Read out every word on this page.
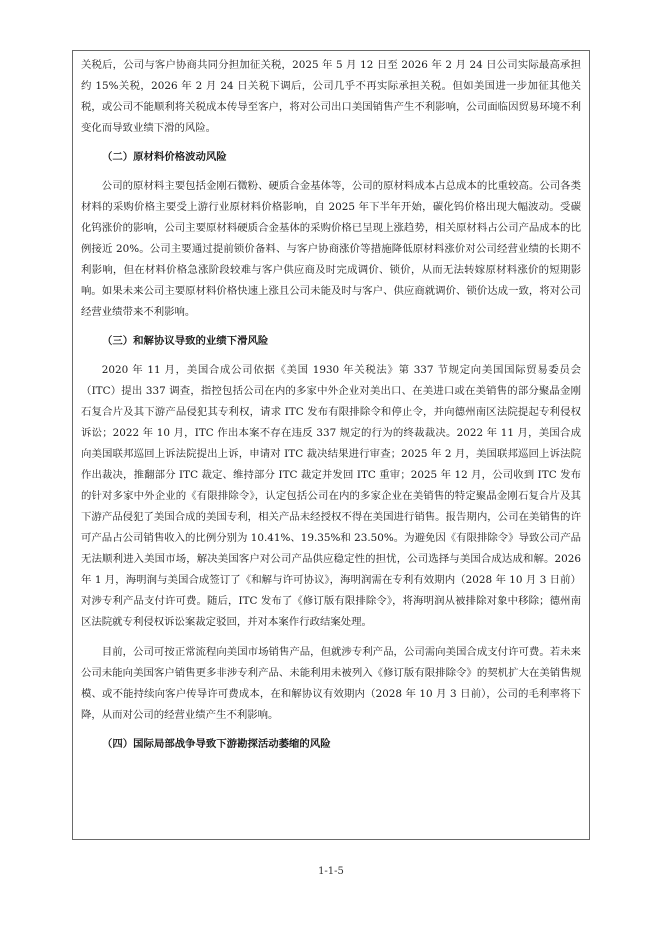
关税后，公司与客户协商共同分担加征关税，2025 年 5 月 12 日至 2026 年 2 月 24 日公司实际最高承担约 15%关税，2026 年 2 月 24 日关税下调后，公司几乎不再实际承担关税。但如美国进一步加征其他关税，或公司不能顺利将关税成本传导至客户，将对公司出口美国销售产生不利影响，公司面临因贸易环境不利变化而导致业绩下滑的风险。

（二）原材料价格波动风险

公司的原材料主要包括金刚石微粉、硬质合金基体等，公司的原材料成本占总成本的比重较高。公司各类材料的采购价格主要受上游行业原材料价格影响，自 2025 年下半年开始，碳化钨价格出现大幅波动。受碳化钨涨价的影响，公司主要原材料硬质合金基体的采购价格已呈现上涨趋势，相关原材料占公司产品成本的比例接近 20%。公司主要通过提前锁价备料、与客户协商涨价等措施降低原材料涨价对公司经营业绩的长期不利影响，但在材料价格急涨阶段较难与客户供应商及时完成调价、锁价，从而无法转嫁原材料涨价的短期影响。如果未来公司主要原材料价格快速上涨且公司未能及时与客户、供应商就调价、锁价达成一致，将对公司经营业绩带来不利影响。

（三）和解协议导致的业绩下滑风险

2020 年 11 月，美国合成公司依据《美国 1930 年关税法》第 337 节规定向美国国际贸易委员会（ITC）提出 337 调查，指控包括公司在内的多家中外企业对美出口、在美进口或在美销售的部分聚晶金刚石复合片及其下游产品侵犯其专利权，请求 ITC 发布有限排除令和停止令，并向德州南区法院提起专利侵权诉讼；2022 年 10 月，ITC 作出本案不存在违反 337 规定的行为的终裁裁决。2022 年 11 月，美国合成向美国联邦巡回上诉法院提出上诉，申请对 ITC 裁决结果进行审查；2025 年 2 月，美国联邦巡回上诉法院作出裁决，推翻部分 ITC 裁定、维持部分 ITC 裁定并发回 ITC 重审；2025 年 12 月，公司收到 ITC 发布的针对多家中外企业的《有限排除令》，认定包括公司在内的多家企业在美销售的特定聚晶金刚石复合片及其下游产品侵犯了美国合成的美国专利，相关产品未经授权不得在美国进行销售。报告期内，公司在美销售的许可产品占公司销售收入的比例分别为 10.41%、19.35%和 23.50%。为避免因《有限排除令》导致公司产品无法顺利进入美国市场，解决美国客户对公司产品供应稳定性的担忧，公司选择与美国合成达成和解。2026 年 1 月，海明润与美国合成签订了《和解与许可协议》，海明润需在专利有效期内（2028 年 10 月 3 日前）对涉专利产品支付许可费。随后，ITC 发布了《修订版有限排除令》，将海明润从被排除对象中移除；德州南区法院就专利侵权诉讼案裁定驳回，并对本案作行政结案处理。

目前，公司可按正常流程向美国市场销售产品，但就涉专利产品，公司需向美国合成支付许可费。若未来公司未能向美国客户销售更多非涉专利产品、未能利用未被列入《修订版有限排除令》的契机扩大在美销售规模、或不能持续向客户传导许可费成本，在和解协议有效期内（2028 年 10 月 3 日前），公司的毛利率将下降，从而对公司的经营业绩产生不利影响。

（四）国际局部战争导致下游勘探活动萎缩的风险
1-1-5
